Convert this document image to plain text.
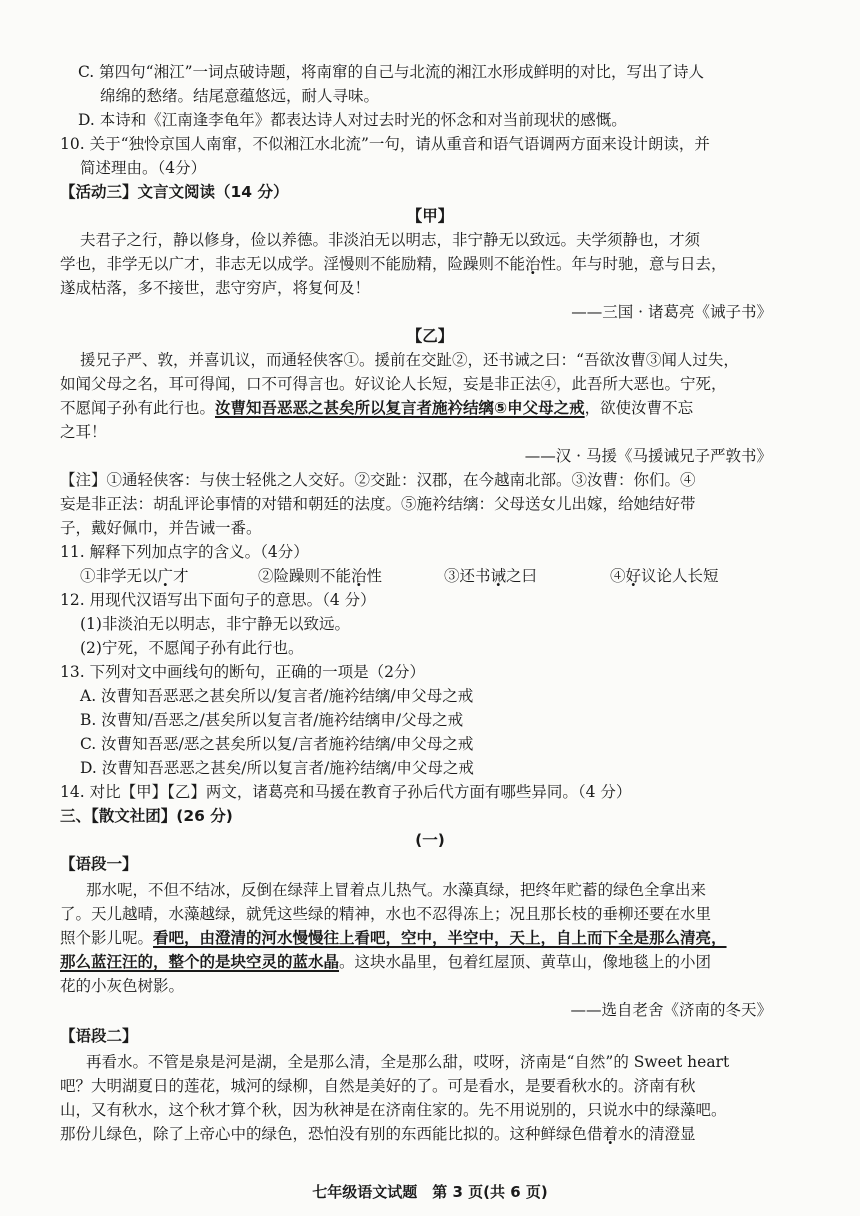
C. 第四句“湘江”一词点破诗题，将南窜的自己与北流的湘江水形成鲜明的对比，写出了诗人
绵绵的愁绪。结尾意蕴悠远，耐人寻味。
D. 本诗和《江南逢李龟年》都表达诗人对过去时光的怀念和对当前现状的感慨。
10. 关于“独怜京国人南窜，不似湘江水北流”一句，请从重音和语气语调两方面来设计朗读，并
简述理由。（4分）
【活动三】文言文阅读（14 分）
【甲】
夫君子之行，静以修身，俭以养德。非淡泊无以明志，非宁静无以致远。夫学须静也，才须
学也，非学无以广才，非志无以成学。淫慢则不能励精，险躁则不能治性。年与时驰，意与日去，
遂成枯落，多不接世，悲守穷庐，将复何及！
——三国 · 诸葛亮《诫子书》
【乙】
援兄子严、敦，并喜讥议，而通轻侠客①。援前在交趾②，还书诫之曰：“吾欲汝曹③闻人过失，
如闻父母之名，耳可得闻，口不可得言也。好议论人长短，妄是非正法④，此吾所大恶也。宁死，
不愿闻子孙有此行也。汝曹知吾恶恶之甚矣所以复言者施衿结缡⑤申父母之戒，欲使汝曹不忘
之耳！
——汉 · 马援《马援诫兄子严敦书》
【注】①通轻侠客：与侠士轻佻之人交好。②交趾：汉郡，在今越南北部。③汝曹：你们。④
妄是非正法：胡乱评论事情的对错和朝廷的法度。⑤施衿结缡：父母送女儿出嫁，给她结好带
子，戴好佩巾，并告诫一番。
11. 解释下列加点字的含义。（4分）
①非学无以广才	②险躁则不能治性	③还书诫之曰	④好议论人长短
12. 用现代汉语写出下面句子的意思。（4 分）
(1)非淡泊无以明志，非宁静无以致远。
(2)宁死，不愿闻子孙有此行也。
13. 下列对文中画线句的断句，正确的一项是（2分）
A. 汝曹知吾恶恶之甚矣所以/复言者/施衿结缡/申父母之戒
B. 汝曹知/吾恶之/甚矣所以复言者/施衿结缡申/父母之戒
C. 汝曹知吾恶/恶之甚矣所以复/言者施衿结缡/申父母之戒
D. 汝曹知吾恶恶之甚矣/所以复言者/施衿结缡/申父母之戒
14. 对比【甲】【乙】两文，诸葛亮和马援在教育子孙后代方面有哪些异同。（4 分）
三、【散文社团】(26 分)
(一)
【语段一】
那水呢，不但不结冰，反倒在绿萍上冒着点儿热气。水藻真绿，把终年贮蓄的绿色全拿出来
了。天儿越晴，水藻越绿，就凭这些绿的精神，水也不忍得冻上；况且那长枝的垂柳还要在水里
照个影儿呢。看吧，由澄清的河水慢慢往上看吧，空中，半空中，天上，自上而下全是那么清亮，
那么蓝汪汪的，整个的是块空灵的蓝水晶。这块水晶里，包着红屋顶、黄草山，像地毯上的小团
花的小灰色树影。
——选自老舍《济南的冬天》
【语段二】
再看水。不管是泉是河是湖，全是那么清，全是那么甜，哎呀，济南是“自然”的 Sweet heart
吧？大明湖夏日的莲花，城河的绿柳，自然是美好的了。可是看水，是要看秋水的。济南有秋
山，又有秋水，这个秋才算个秋，因为秋神是在济南住家的。先不用说别的，只说水中的绿藻吧。
那份儿绿色，除了上帝心中的绿色，恐怕没有别的东西能比拟的。这种鲜绿色借着水的清澄显
七年级语文试题　第 3 页(共 6 页)
